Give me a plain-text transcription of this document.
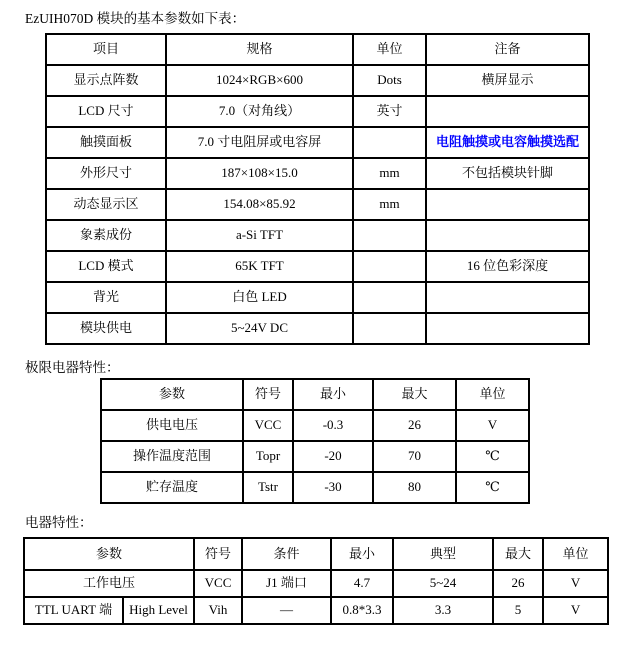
EzUIH070D 模块的基本参数如下表：
项目	规格	单位	注备
显示点阵数	1024×RGB×600	Dots	横屏显示
LCD 尺寸	7.0（对角线）	英寸	
触摸面板	7.0 寸电阻屏或电容屏		电阻触摸或电容触摸选配
外形尺寸	187×108×15.0	mm	不包括模块针脚
动态显示区	154.08×85.92	mm	
象素成份	a-Si TFT		
LCD 模式	65K TFT		16 位色彩深度
背光	白色 LED		
模块供电	5~24V DC		
极限电器特性：
参数	符号	最小	最大	单位
供电电压	VCC	-0.3	26	V
操作温度范围	Topr	-20	70	℃
贮存温度	Tstr	-30	80	℃
电器特性：
参数		符号	条件	最小	典型	最大	单位
工作电压		VCC	J1 端口	4.7	5~24	26	V
TTL UART 端	High Level	Vih	—	0.8*3.3	3.3	5	V
